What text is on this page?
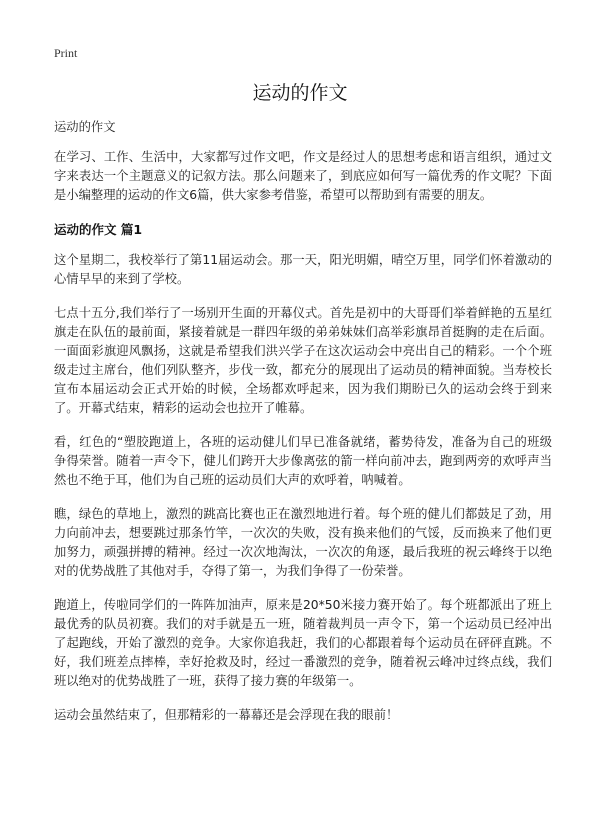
Print
运动的作文

运动的作文

在学习、工作、生活中，大家都写过作文吧，作文是经过人的思想考虑和语言组织，通过文字来表达一个主题意义的记叙方法。那么问题来了，到底应如何写一篇优秀的作文呢？下面是小编整理的运动的作文6篇，供大家参考借鉴，希望可以帮助到有需要的朋友。

运动的作文 篇1

这个星期二，我校举行了第11届运动会。那一天，阳光明媚，晴空万里，同学们怀着激动的心情早早的来到了学校。

七点十五分,我们举行了一场别开生面的开幕仪式。首先是初中的大哥哥们举着鲜艳的五星红旗走在队伍的最前面，紧接着就是一群四年级的弟弟妹妹们高举彩旗昂首挺胸的走在后面。一面面彩旗迎风飘扬，这就是希望我们洪兴学子在这次运动会中亮出自己的精彩。一个个班级走过主席台，他们列队整齐，步伐一致，都充分的展现出了运动员的精神面貌。当寿校长宣布本届运动会正式开始的时候，全场都欢呼起来，因为我们期盼已久的运动会终于到来了。开幕式结束，精彩的运动会也拉开了帷幕。

看，红色的“塑胶跑道上，各班的运动健儿们早已准备就绪，蓄势待发，准备为自己的班级争得荣誉。随着一声令下，健儿们跨开大步像离弦的箭一样向前冲去，跑到两旁的欢呼声当然也不绝于耳，他们为自己班的运动员们大声的欢呼着，呐喊着。

瞧，绿色的草地上，激烈的跳高比赛也正在激烈地进行着。每个班的健儿们都鼓足了劲，用力向前冲去，想要跳过那条竹竿，一次次的失败，没有换来他们的气馁，反而换来了他们更加努力，顽强拼搏的精神。经过一次次地淘汰，一次次的角逐，最后我班的祝云峰终于以绝对的优势战胜了其他对手，夺得了第一，为我们争得了一份荣誉。

跑道上，传啦同学们的一阵阵加油声，原来是20*50米接力赛开始了。每个班都派出了班上最优秀的队员初赛。我们的对手就是五一班，随着裁判员一声令下，第一个运动员已经冲出了起跑线，开始了激烈的竞争。大家你追我赶，我们的心都跟着每个运动员在砰砰直跳。不好，我们班差点摔棒，幸好抢救及时，经过一番激烈的竞争，随着祝云峰冲过终点线，我们班以绝对的优势战胜了一班，获得了接力赛的年级第一。

运动会虽然结束了，但那精彩的一幕幕还是会浮现在我的眼前！
